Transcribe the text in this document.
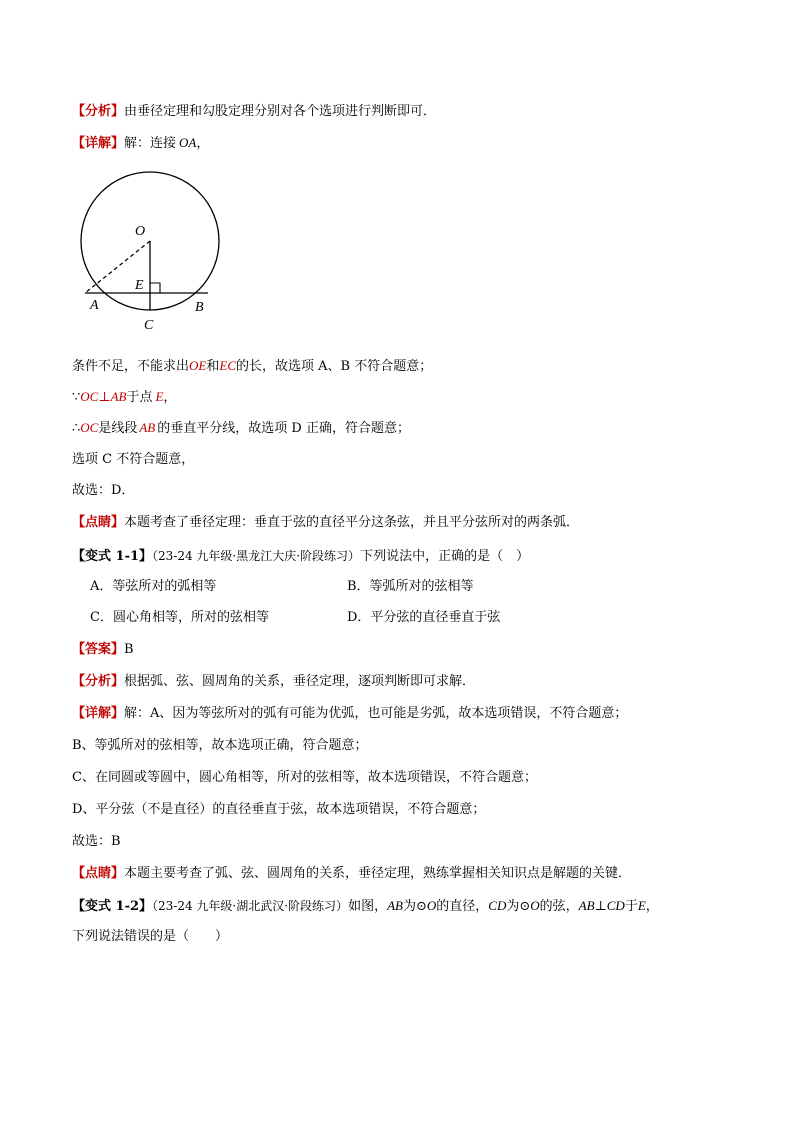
【分析】由垂径定理和勾股定理分别对各个选项进行判断即可．
【详解】解：连接 OA，
O
E
A	B
C
条件不足，不能求出OE和EC的长，故选项 A、B 不符合题意；
∵OC⊥AB于点 E，
∴OC是线段 AB 的垂直平分线，故选项 D 正确，符合题意；
选项 C 不符合题意，
故选：D．
【点睛】本题考查了垂径定理：垂直于弦的直径平分这条弦，并且平分弦所对的两条弧．
【变式 1-1】（23-24 九年级·黑龙江大庆·阶段练习）下列说法中，正确的是（　）
A．等弦所对的弧相等	B．等弧所对的弦相等
C．圆心角相等，所对的弦相等	D．平分弦的直径垂直于弦
【答案】B
【分析】根据弧、弦、圆周角的关系，垂径定理，逐项判断即可求解．
【详解】解：A、因为等弦所对的弧有可能为优弧，也可能是劣弧，故本选项错误，不符合题意；
B、等弧所对的弦相等，故本选项正确，符合题意；
C、在同圆或等圆中，圆心角相等，所对的弦相等，故本选项错误，不符合题意；
D、平分弦（不是直径）的直径垂直于弦，故本选项错误，不符合题意；
故选：B
【点睛】本题主要考查了弧、弦、圆周角的关系，垂径定理，熟练掌握相关知识点是解题的关键．
【变式 1-2】（23-24 九年级·湖北武汉·阶段练习）如图，AB为⊙O的直径，CD为⊙O的弦，AB⊥CD于E，
下列说法错误的是（　　）
